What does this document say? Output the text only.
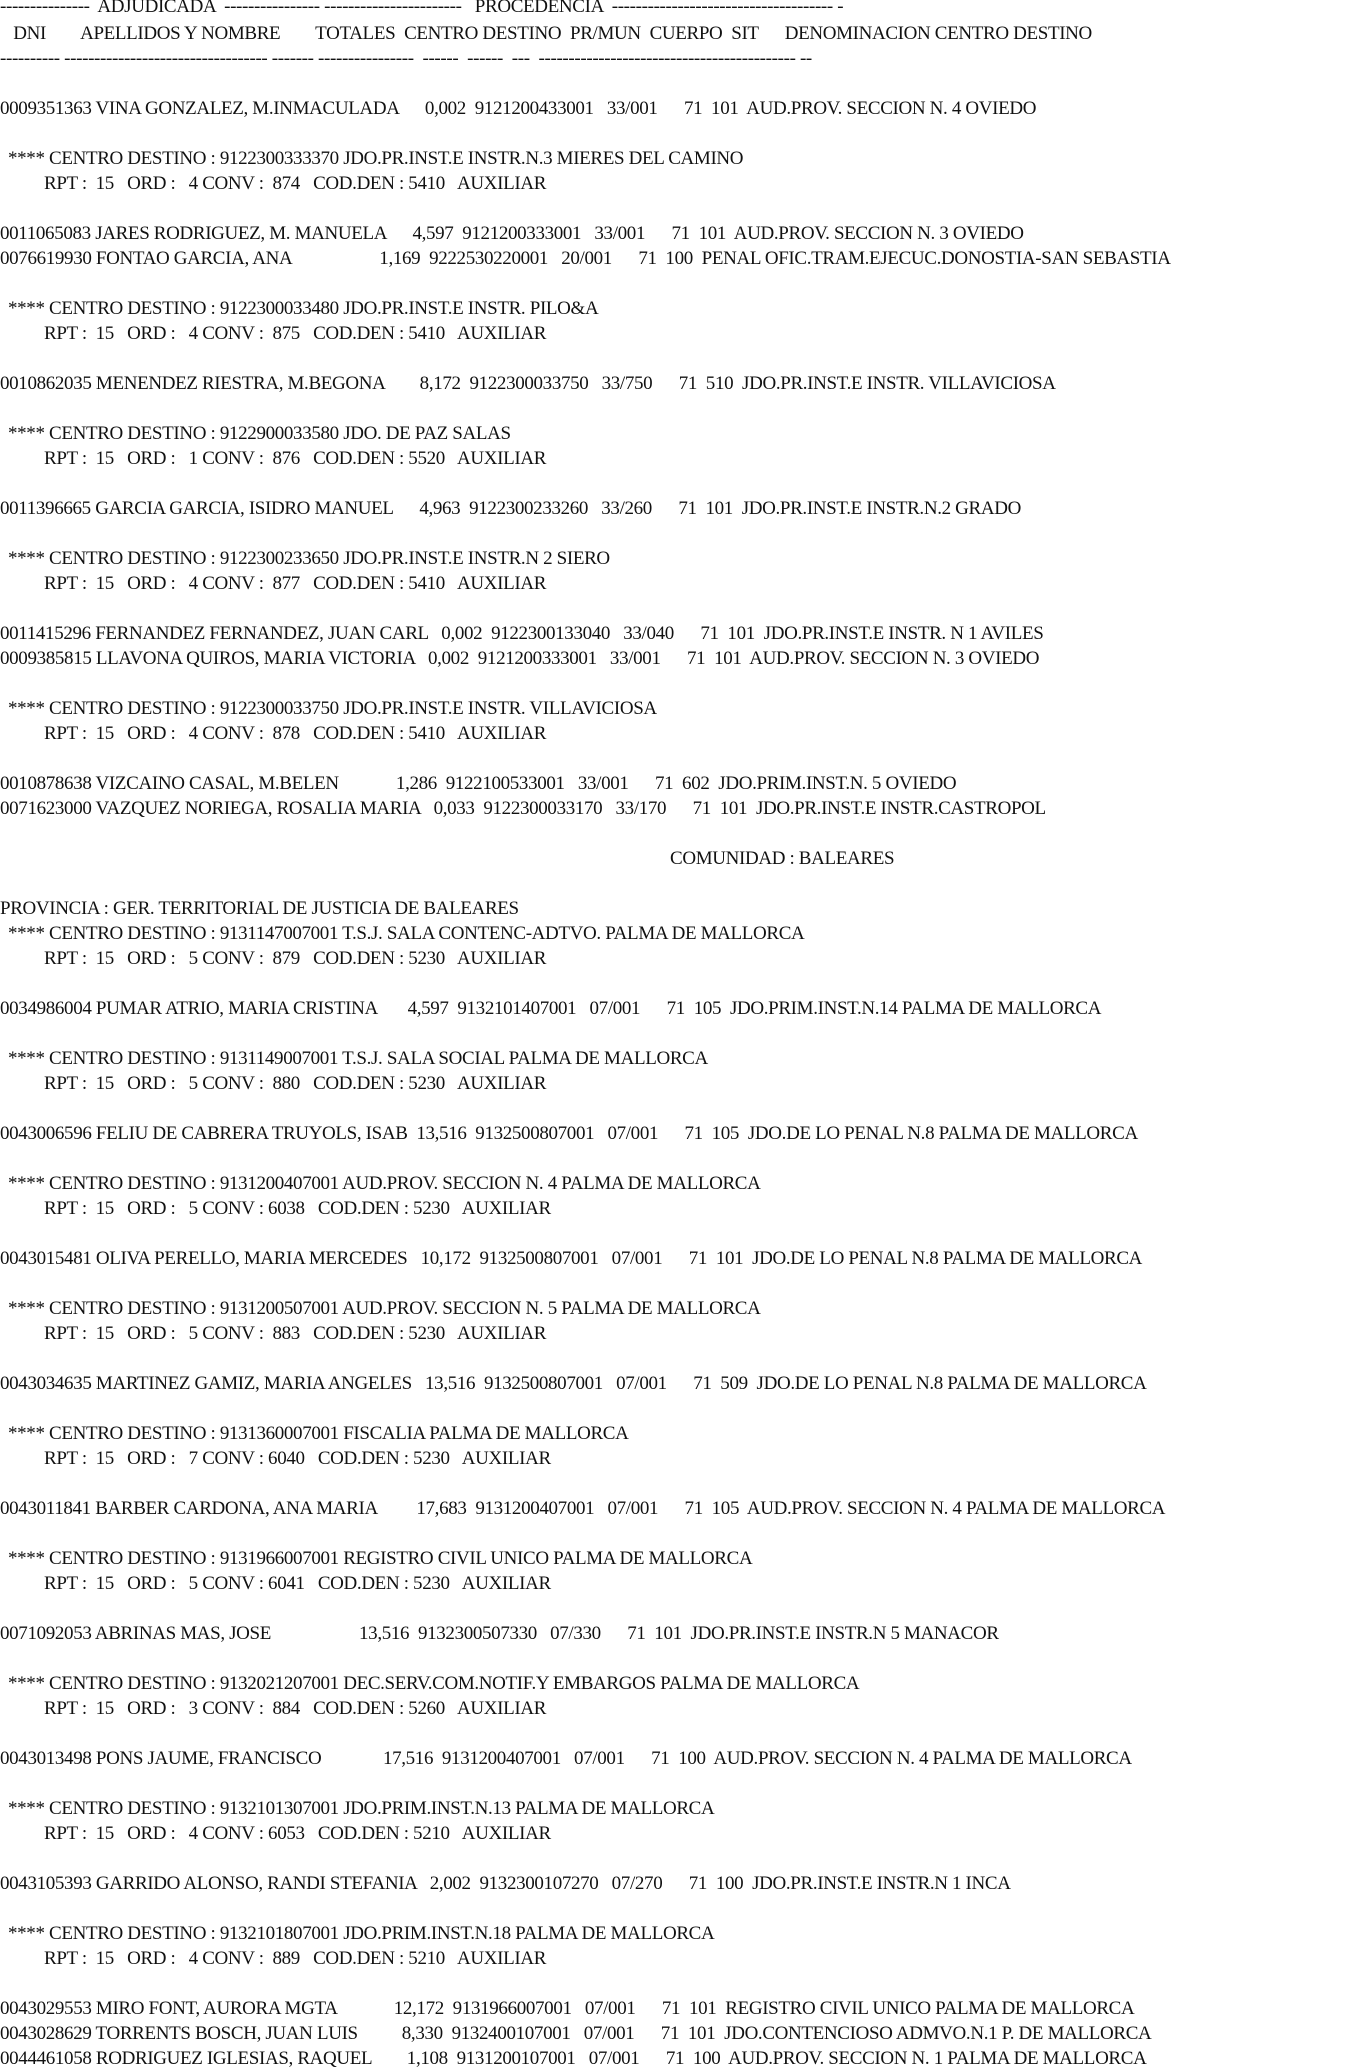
---------------  ADJUDICADA  ---------------- -----------------------   PROCEDENCIA  ------------------------------------- -
DNI        APELLIDOS Y NOMBRE        TOTALES  CENTRO DESTINO  PR/MUN  CUERPO  SIT      DENOMINACION CENTRO DESTINO
---------- ---------------------------------- ------- ----------------  ------  ------  ---  ------------------------------------------- --
0009351363 VINA GONZALEZ, M.INMACULADA      0,002  9121200433001   33/001      71  101  AUD.PROV. SECCION N. 4 OVIEDO
**** CENTRO DESTINO : 9122300333370 JDO.PR.INST.E INSTR.N.3 MIERES DEL CAMINO
RPT :  15   ORD :   4 CONV :  874   COD.DEN : 5410   AUXILIAR
0011065083 JARES RODRIGUEZ, M. MANUELA      4,597  9121200333001   33/001      71  101  AUD.PROV. SECCION N. 3 OVIEDO
0076619930 FONTAO GARCIA, ANA                    1,169  9222530220001   20/001      71  100  PENAL OFIC.TRAM.EJECUC.DONOSTIA-SAN SEBASTIA
**** CENTRO DESTINO : 9122300033480 JDO.PR.INST.E INSTR. PILO&A
RPT :  15   ORD :   4 CONV :  875   COD.DEN : 5410   AUXILIAR
0010862035 MENENDEZ RIESTRA, M.BEGONA        8,172  9122300033750   33/750      71  510  JDO.PR.INST.E INSTR. VILLAVICIOSA
**** CENTRO DESTINO : 9122900033580 JDO. DE PAZ SALAS
RPT :  15   ORD :   1 CONV :  876   COD.DEN : 5520   AUXILIAR
0011396665 GARCIA GARCIA, ISIDRO MANUEL      4,963  9122300233260   33/260      71  101  JDO.PR.INST.E INSTR.N.2 GRADO
**** CENTRO DESTINO : 9122300233650 JDO.PR.INST.E INSTR.N 2 SIERO
RPT :  15   ORD :   4 CONV :  877   COD.DEN : 5410   AUXILIAR
0011415296 FERNANDEZ FERNANDEZ, JUAN CARL   0,002  9122300133040   33/040      71  101  JDO.PR.INST.E INSTR. N 1 AVILES
0009385815 LLAVONA QUIROS, MARIA VICTORIA   0,002  9121200333001   33/001      71  101  AUD.PROV. SECCION N. 3 OVIEDO
**** CENTRO DESTINO : 9122300033750 JDO.PR.INST.E INSTR. VILLAVICIOSA
RPT :  15   ORD :   4 CONV :  878   COD.DEN : 5410   AUXILIAR
0010878638 VIZCAINO CASAL, M.BELEN             1,286  9122100533001   33/001      71  602  JDO.PRIM.INST.N. 5 OVIEDO
0071623000 VAZQUEZ NORIEGA, ROSALIA MARIA   0,033  9122300033170   33/170      71  101  JDO.PR.INST.E INSTR.CASTROPOL
COMUNIDAD : BALEARES
PROVINCIA : GER. TERRITORIAL DE JUSTICIA DE BALEARES
**** CENTRO DESTINO : 9131147007001 T.S.J. SALA CONTENC-ADTVO. PALMA DE MALLORCA
RPT :  15   ORD :   5 CONV :  879   COD.DEN : 5230   AUXILIAR
0034986004 PUMAR ATRIO, MARIA CRISTINA       4,597  9132101407001   07/001      71  105  JDO.PRIM.INST.N.14 PALMA DE MALLORCA
**** CENTRO DESTINO : 9131149007001 T.S.J. SALA SOCIAL PALMA DE MALLORCA
RPT :  15   ORD :   5 CONV :  880   COD.DEN : 5230   AUXILIAR
0043006596 FELIU DE CABRERA TRUYOLS, ISAB  13,516  9132500807001   07/001      71  105  JDO.DE LO PENAL N.8 PALMA DE MALLORCA
**** CENTRO DESTINO : 9131200407001 AUD.PROV. SECCION N. 4 PALMA DE MALLORCA
RPT :  15   ORD :   5 CONV : 6038   COD.DEN : 5230   AUXILIAR
0043015481 OLIVA PERELLO, MARIA MERCEDES   10,172  9132500807001   07/001      71  101  JDO.DE LO PENAL N.8 PALMA DE MALLORCA
**** CENTRO DESTINO : 9131200507001 AUD.PROV. SECCION N. 5 PALMA DE MALLORCA
RPT :  15   ORD :   5 CONV :  883   COD.DEN : 5230   AUXILIAR
0043034635 MARTINEZ GAMIZ, MARIA ANGELES   13,516  9132500807001   07/001      71  509  JDO.DE LO PENAL N.8 PALMA DE MALLORCA
**** CENTRO DESTINO : 9131360007001 FISCALIA PALMA DE MALLORCA
RPT :  15   ORD :   7 CONV : 6040   COD.DEN : 5230   AUXILIAR
0043011841 BARBER CARDONA, ANA MARIA         17,683  9131200407001   07/001      71  105  AUD.PROV. SECCION N. 4 PALMA DE MALLORCA
**** CENTRO DESTINO : 9131966007001 REGISTRO CIVIL UNICO PALMA DE MALLORCA
RPT :  15   ORD :   5 CONV : 6041   COD.DEN : 5230   AUXILIAR
0071092053 ABRINAS MAS, JOSE                    13,516  9132300507330   07/330      71  101  JDO.PR.INST.E INSTR.N 5 MANACOR
**** CENTRO DESTINO : 9132021207001 DEC.SERV.COM.NOTIF.Y EMBARGOS PALMA DE MALLORCA
RPT :  15   ORD :   3 CONV :  884   COD.DEN : 5260   AUXILIAR
0043013498 PONS JAUME, FRANCISCO              17,516  9131200407001   07/001      71  100  AUD.PROV. SECCION N. 4 PALMA DE MALLORCA
**** CENTRO DESTINO : 9132101307001 JDO.PRIM.INST.N.13 PALMA DE MALLORCA
RPT :  15   ORD :   4 CONV : 6053   COD.DEN : 5210   AUXILIAR
0043105393 GARRIDO ALONSO, RANDI STEFANIA   2,002  9132300107270   07/270      71  100  JDO.PR.INST.E INSTR.N 1 INCA
**** CENTRO DESTINO : 9132101807001 JDO.PRIM.INST.N.18 PALMA DE MALLORCA
RPT :  15   ORD :   4 CONV :  889   COD.DEN : 5210   AUXILIAR
0043029553 MIRO FONT, AURORA MGTA             12,172  9131966007001   07/001      71  101  REGISTRO CIVIL UNICO PALMA DE MALLORCA
0043028629 TORRENTS BOSCH, JUAN LUIS          8,330  9132400107001   07/001      71  101  JDO.CONTENCIOSO ADMVO.N.1 P. DE MALLORCA
0044461058 RODRIGUEZ IGLESIAS, RAQUEL        1,108  9131200107001   07/001      71  100  AUD.PROV. SECCION N. 1 PALMA DE MALLORCA
